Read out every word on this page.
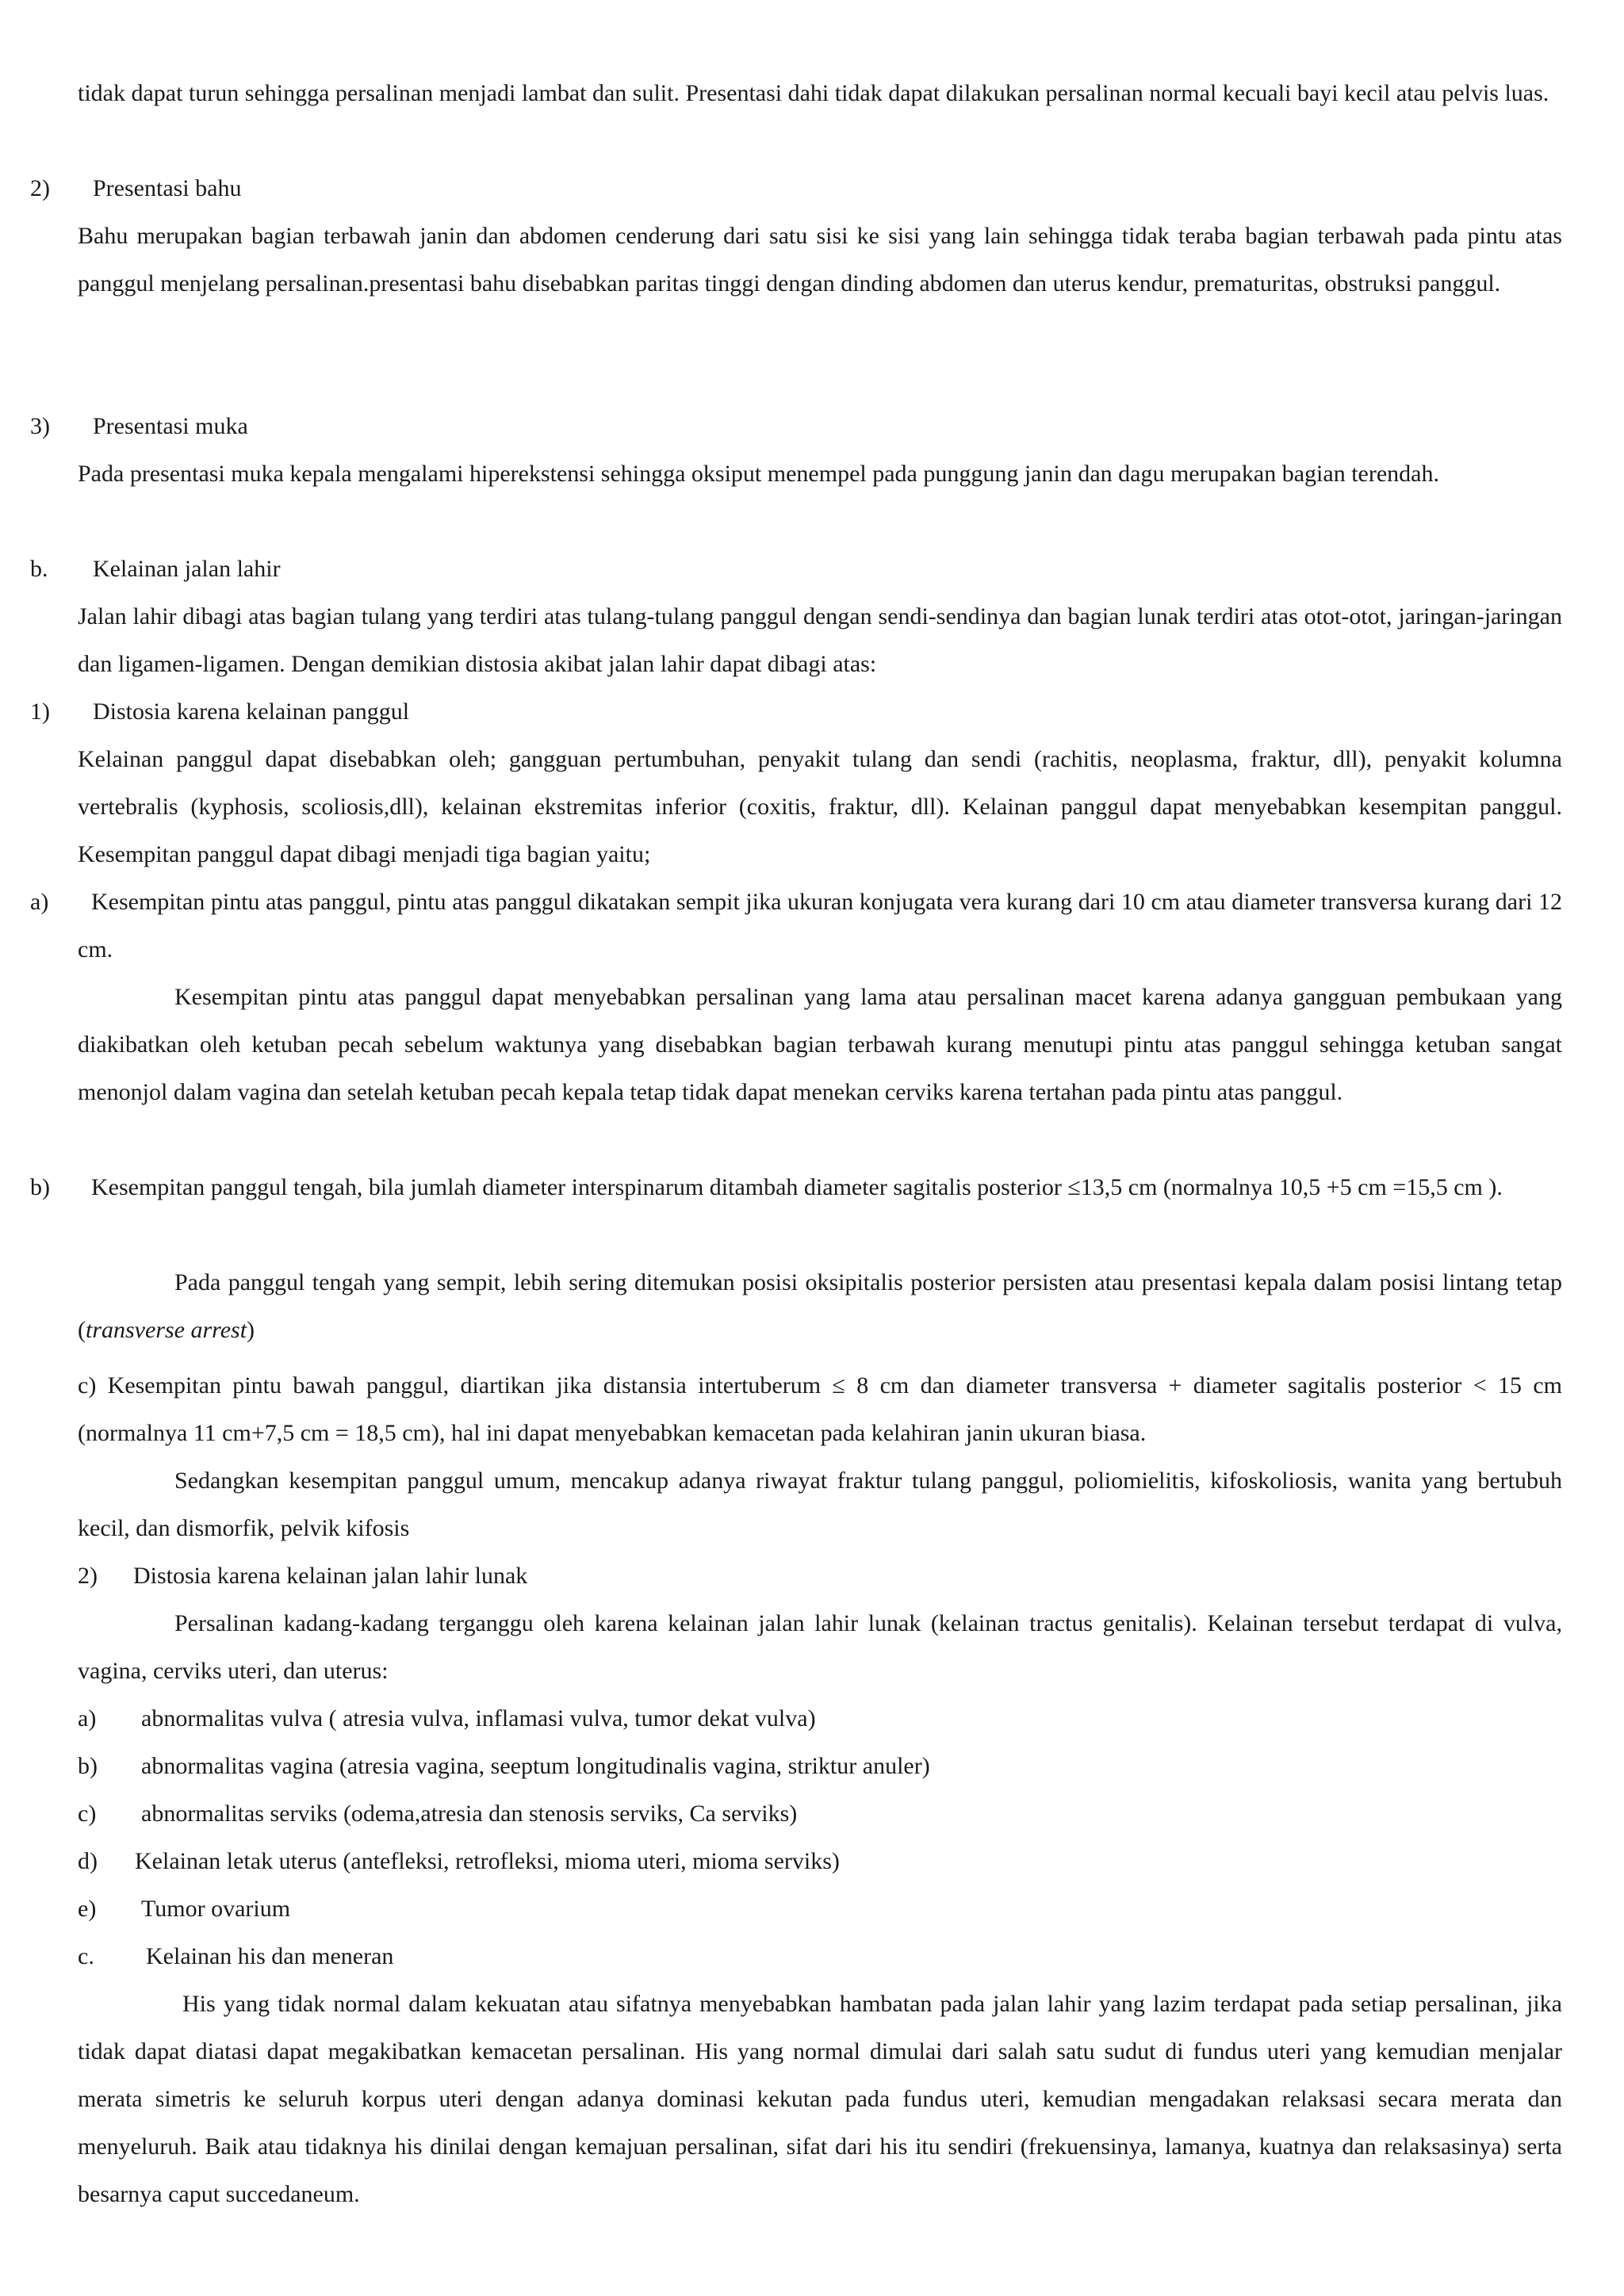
tidak dapat turun sehingga persalinan menjadi lambat dan sulit. Presentasi dahi tidak dapat dilakukan persalinan normal kecuali bayi kecil atau pelvis luas.
2) Presentasi bahu
Bahu merupakan bagian terbawah janin dan abdomen cenderung dari satu sisi ke sisi yang lain sehingga tidak teraba bagian terbawah pada pintu atas panggul menjelang persalinan.presentasi bahu disebabkan paritas tinggi dengan dinding abdomen dan uterus kendur, prematuritas, obstruksi panggul.
3) Presentasi muka
Pada presentasi muka kepala mengalami hiperekstensi sehingga oksiput menempel pada punggung janin dan dagu merupakan bagian terendah.
b. Kelainan jalan lahir
Jalan lahir dibagi atas bagian tulang yang terdiri atas tulang-tulang panggul dengan sendi-sendinya dan bagian lunak terdiri atas otot-otot, jaringan-jaringan dan ligamen-ligamen. Dengan demikian distosia akibat jalan lahir dapat dibagi atas:
1) Distosia karena kelainan panggul
Kelainan panggul dapat disebabkan oleh; gangguan pertumbuhan, penyakit tulang dan sendi (rachitis, neoplasma, fraktur, dll), penyakit kolumna vertebralis (kyphosis, scoliosis,dll), kelainan ekstremitas inferior (coxitis, fraktur, dll). Kelainan panggul dapat menyebabkan kesempitan panggul. Kesempitan panggul dapat dibagi menjadi tiga bagian yaitu;
a)	Kesempitan pintu atas panggul, pintu atas panggul dikatakan sempit jika ukuran konjugata vera kurang dari 10 cm atau diameter transversa kurang dari 12 cm.
Kesempitan pintu atas panggul dapat menyebabkan persalinan yang lama atau persalinan macet karena adanya gangguan pembukaan yang diakibatkan oleh ketuban pecah sebelum waktunya yang disebabkan bagian terbawah kurang menutupi pintu atas panggul sehingga ketuban sangat menonjol dalam vagina dan setelah ketuban pecah kepala tetap tidak dapat menekan cerviks karena tertahan pada pintu atas panggul.
b)	Kesempitan panggul tengah, bila jumlah diameter interspinarum ditambah diameter sagitalis posterior ≤13,5 cm (normalnya 10,5 +5 cm =15,5 cm ).
Pada panggul tengah yang sempit, lebih sering ditemukan posisi oksipitalis posterior persisten atau presentasi kepala dalam posisi lintang tetap (transverse arrest)
c) Kesempitan pintu bawah panggul, diartikan jika distansia intertuberum ≤ 8 cm dan diameter transversa + diameter sagitalis posterior < 15 cm (normalnya 11 cm+7,5 cm = 18,5 cm), hal ini dapat menyebabkan kemacetan pada kelahiran janin ukuran biasa.
Sedangkan kesempitan panggul umum, mencakup adanya riwayat fraktur tulang panggul, poliomielitis, kifoskoliosis, wanita yang bertubuh kecil, dan dismorfik, pelvik kifosis
2)      Distosia karena kelainan jalan lahir lunak
Persalinan kadang-kadang terganggu oleh karena kelainan jalan lahir lunak (kelainan tractus genitalis). Kelainan tersebut terdapat di vulva, vagina, cerviks uteri, dan uterus:
a) abnormalitas vulva ( atresia vulva, inflamasi vulva, tumor dekat vulva)
b) abnormalitas vagina (atresia vagina, seeptum longitudinalis vagina, striktur anuler)
c) abnormalitas serviks (odema,atresia dan stenosis serviks, Ca serviks)
d) Kelainan letak uterus (antefleksi, retrofleksi, mioma uteri, mioma serviks)
e) Tumor ovarium
c. Kelainan his dan meneran
His yang tidak normal dalam kekuatan atau sifatnya menyebabkan hambatan pada jalan lahir yang lazim terdapat pada setiap persalinan, jika tidak dapat diatasi dapat megakibatkan kemacetan persalinan. His yang normal dimulai dari salah satu sudut di fundus uteri yang kemudian menjalar merata simetris ke seluruh korpus uteri dengan adanya dominasi kekutan pada fundus uteri, kemudian mengadakan relaksasi secara merata dan menyeluruh. Baik atau tidaknya his dinilai dengan kemajuan persalinan, sifat dari his itu sendiri (frekuensinya, lamanya, kuatnya dan relaksasinya) serta besarnya caput succedaneum.
